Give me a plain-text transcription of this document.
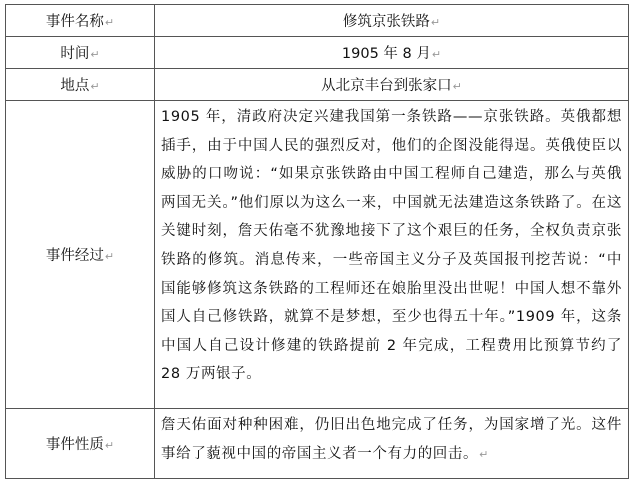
事件名称↵	修筑京张铁路↵
时间↵	1905 年 8 月↵
地点↵	从北京丰台到张家口↵
事件经过↵	1905 年，清政府决定兴建我国第一条铁路——京张铁路。英俄都想插手，由于中国人民的强烈反对，他们的企图没能得逞。英俄使臣以威胁的口吻说：“如果京张铁路由中国工程师自己建造，那么与英俄两国无关。”他们原以为这么一来，中国就无法建造这条铁路了。在这关键时刻，詹天佑毫不犹豫地接下了这个艰巨的任务，全权负责京张铁路的修筑。消息传来，一些帝国主义分子及英国报刊挖苦说：“中国能够修筑这条铁路的工程师还在娘胎里没出世呢！中国人想不靠外国人自己修铁路，就算不是梦想，至少也得五十年。”1909 年，这条中国人自己设计修建的铁路提前 2 年完成，工程费用比预算节约了 28 万两银子。
事件性质↵	詹天佑面对种种困难，仍旧出色地完成了任务，为国家增了光。这件事给了藐视中国的帝国主义者一个有力的回击。↵
